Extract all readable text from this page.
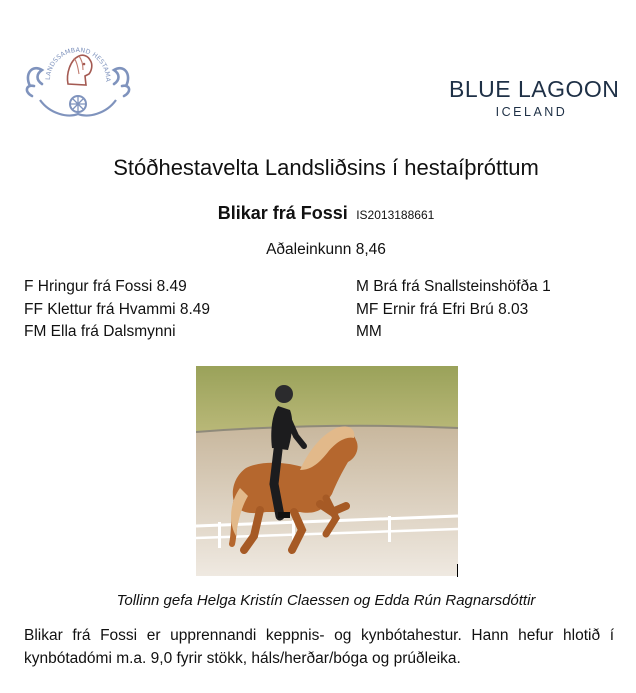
LANDSSAMBAND HESTAMA	BLUE LAGOON
ICELAND
Stóðhestavelta Landsliðsins í hestaíþróttum
Blikar frá Fossi IS2013188661
Aðaleinkunn 8,46
F Hringur frá Fossi 8.49
FF Klettur frá Hvammi 8.49
FM Ella frá Dalsmynni
M Brá frá Snallsteinshöfða 1
MF Ernir frá Efri Brú 8.03
MM
Tollinn gefa Helga Kristín Claessen og Edda Rún Ragnarsdóttir
Blikar frá Fossi er upprennandi keppnis- og kynbótahestur. Hann hefur hlotið í kynbótadómi m.a. 9,0 fyrir stökk, háls/herðar/bóga og prúðleika.
